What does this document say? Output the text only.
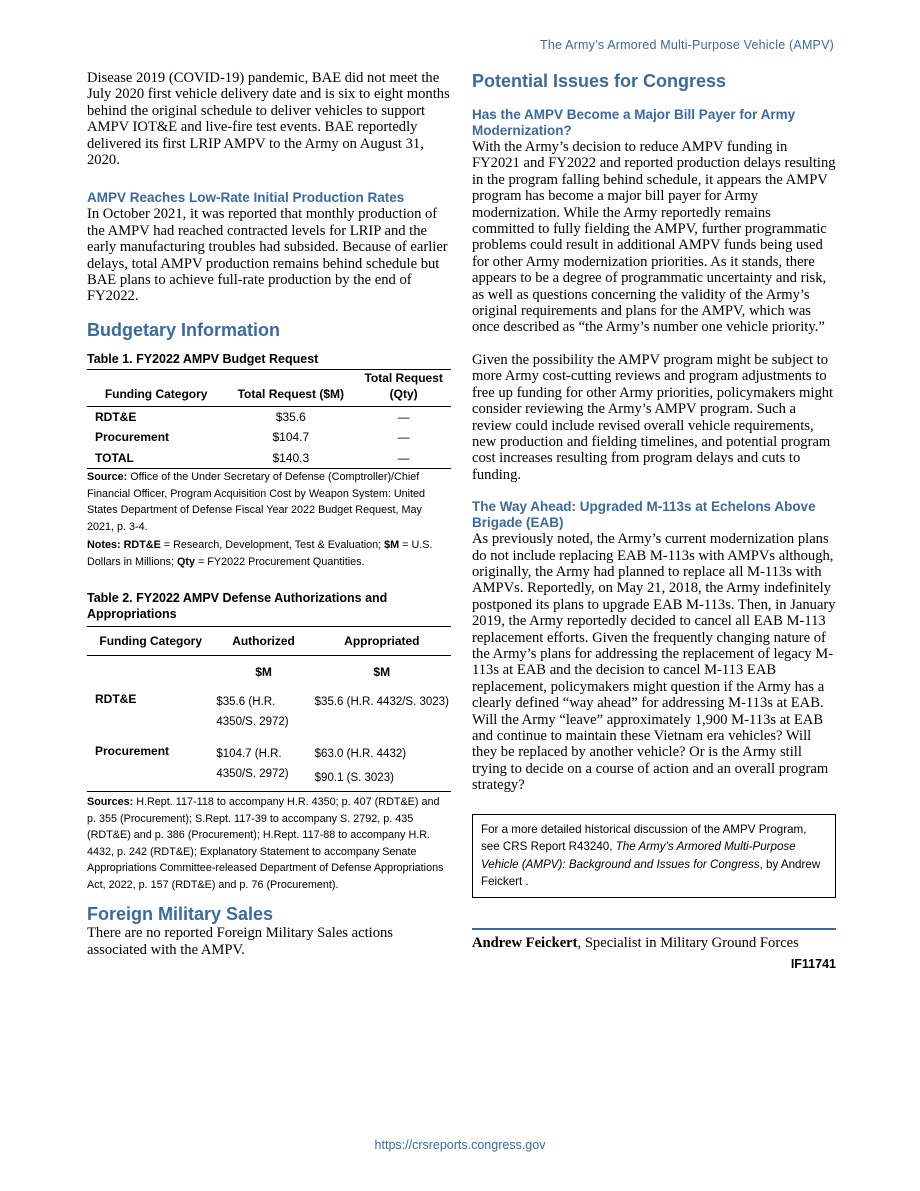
The Army’s Armored Multi-Purpose Vehicle (AMPV)

Disease 2019 (COVID-19) pandemic, BAE did not meet the July 2020 first vehicle delivery date and is six to eight months behind the original schedule to deliver vehicles to support AMPV IOT&E and live-fire test events. BAE reportedly delivered its first LRIP AMPV to the Army on August 31, 2020.

AMPV Reaches Low-Rate Initial Production Rates

In October 2021, it was reported that monthly production of the AMPV had reached contracted levels for LRIP and the early manufacturing troubles had subsided. Because of earlier delays, total AMPV production remains behind schedule but BAE plans to achieve full-rate production by the end of FY2022.

Budgetary Information
Table 1. FY2022 AMPV Budget Request
Funding Category	Total Request ($M)	Total Request (Qty)
RDT&E	$35.6	—
Procurement	$104.7	—
TOTAL	$140.3	—
Source: Office of the Under Secretary of Defense (Comptroller)/Chief Financial Officer, Program Acquisition Cost by Weapon System: United States Department of Defense Fiscal Year 2022 Budget Request, May 2021, p. 3-4.
Notes: RDT&E = Research, Development, Test & Evaluation; $M = U.S. Dollars in Millions; Qty = FY2022 Procurement Quantities.
Table 2. FY2022 AMPV Defense Authorizations and Appropriations
Funding Category	Authorized	Appropriated
	$M	$M
RDT&E	$35.6 (H.R. 4350/S. 2972)	$35.6 (H.R. 4432/S. 3023)
Procurement	$104.7 (H.R. 4350/S. 2972)	$63.0 (H.R. 4432)
$90.1 (S. 3023)
Sources: H.Rept. 117-118 to accompany H.R. 4350; p. 407 (RDT&E) and p. 355 (Procurement); S.Rept. 117-39 to accompany S. 2792, p. 435 (RDT&E) and p. 386 (Procurement); H.Rept. 117-88 to accompany H.R. 4432, p. 242 (RDT&E); Explanatory Statement to accompany Senate Appropriations Committee-released Department of Defense Appropriations Act, 2022, p. 157 (RDT&E) and p. 76 (Procurement).
Foreign Military Sales

There are no reported Foreign Military Sales actions associated with the AMPV.

Potential Issues for Congress
Has the AMPV Become a Major Bill Payer for Army Modernization?

With the Army’s decision to reduce AMPV funding in FY2021 and FY2022 and reported production delays resulting in the program falling behind schedule, it appears the AMPV program has become a major bill payer for Army modernization. While the Army reportedly remains committed to fully fielding the AMPV, further programmatic problems could result in additional AMPV funds being used for other Army modernization priorities. As it stands, there appears to be a degree of programmatic uncertainty and risk, as well as questions concerning the validity of the Army’s original requirements and plans for the AMPV, which was once described as “the Army’s number one vehicle priority.”

Given the possibility the AMPV program might be subject to more Army cost-cutting reviews and program adjustments to free up funding for other Army priorities, policymakers might consider reviewing the Army’s AMPV program. Such a review could include revised overall vehicle requirements, new production and fielding timelines, and potential program cost increases resulting from program delays and cuts to funding.

The Way Ahead: Upgraded M-113s at Echelons Above Brigade (EAB)

As previously noted, the Army’s current modernization plans do not include replacing EAB M-113s with AMPVs although, originally, the Army had planned to replace all M-113s with AMPVs. Reportedly, on May 21, 2018, the Army indefinitely postponed its plans to upgrade EAB M-113s. Then, in January 2019, the Army reportedly decided to cancel all EAB M-113 replacement efforts. Given the frequently changing nature of the Army’s plans for addressing the replacement of legacy M-113s at EAB and the decision to cancel M-113 EAB replacement, policymakers might question if the Army has a clearly defined “way ahead” for addressing M-113s at EAB. Will the Army “leave” approximately 1,900 M-113s at EAB and continue to maintain these Vietnam era vehicles? Will they be replaced by another vehicle? Or is the Army still trying to decide on a course of action and an overall program strategy?

For a more detailed historical discussion of the AMPV Program, see CRS Report R43240, The Army’s Armored Multi-Purpose Vehicle (AMPV): Background and Issues for Congress, by Andrew Feickert .

Andrew Feickert, Specialist in Military Ground Forces

IF11741
https://crsreports.congress.gov
